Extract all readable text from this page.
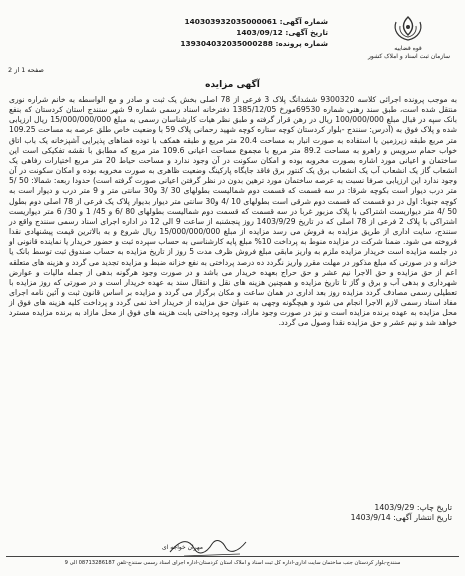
شماره آگهی: 140303932035000061
تاریخ آگهی: 1403/09/12
شماره پرونده: 139304032035000288
قوه قضاییه
سازمان ثبت اسناد و املاک کشور
صفحه 1 از 2
آگهی مزایده
به موجب پرونده اجرائی کلاسه 9300320 ششدانگ پلاک 3 فرعی از 78 اصلی بخش یک ثبت و صادر و مع الواسطه به خانم شراره نوری منتقل شده است، طبق سند رهنی شماره 69530مورخ 1385/12/05 دفترخانه اسناد رسمی شماره 9 شهر سنندج استان کردستان که بنفع بانک سپه در قبال مبلغ 100/000/000 ریال در رهن قرار گرفته و طبق نظر هیات کارشناسان رسمی به مبلغ 15/000/000/000 ریال ارزیابی شده و پلاک فوق به (آدرس: سنندج -بلوار کردستان کوچه ستاره کوچه شهید رحمانی پلاک 59 با وضعیت خاص طلق عرصه به مساحت 109.25 متر مربع طبقه زیرزمین با استفاده به صورت انبار به مساحت 20.4 متر مربع و طبقه همکف با توده فضاهای پذیرایی آشپزخانه یک باب اتاق خواب حمام سرویس و راهرو به مساحت 89.2 متر مربع با مجموع مساحت اعیانی 109.6 متر مربع که مطابق با نقشه تفکیکی است این ساختمان و اعیانی مورد اشاره بصورت مخروبه بوده و امکان سکونت در آن وجود ندارد و مساحت حیاط 20 متر مربع اختیارات رفاهی یک انشعاب گاز یک انشعاب آب یک انشعاب برق یک کنتور برق فاقد جایگاه پارکینگ وضعیت ظاهری به صورت مخروبه بوده و امکان سکونت در آن وجود ندارد این ارزیابی صرفا نسبت به عرصه ساختمان مورد ترهین بدون در نظر گرفتن اعیانی صورت گرفته است) حدودا ربعه: شمالا: 50 /5 متر درب دیوار است بکوچه شرقا: در سه قسمت که قسمت دوم شمالیست بطولهای 30 /3 و30 سانتی متر و 9 متر درب و دیوار است به کوچه جنوبا: اول در دو قسمت که قسمت دوم شرقی است بطولهای 10 /4 و30 سانتی متر دیوار بدیوار پلاک یک فرعی از 78 اصلی دوم بطول 50 /4 متر دیواریست اشتراکی با پلاک مزبور غربا در سه قسمت که قسمت دوم شمالیست بطولهای 80 /6 و 45/ 1 و 30/ 6 متر دیواریست اشتراکی با پلاک 2 فرعی از 78 اصلی که در تاریخ 1403/9/29 روز پنجشنبه از ساعت 9 الی 12 در اداره اجرای اسناد رسمی سنندج واقع در سنندج، سایت اداری از طریق مزایده به فروش می رسد مزایده از مبلغ 15/000/000/000 ریال شروع و به بالاترین قیمت پیشنهادی نقدا فروخته می شود. ضمنا شرکت در مزایده منوط به پرداخت 10% مبلغ پایه کارشناسی به حساب سپرده ثبت و حضور خریدار یا نماینده قانونی او در جلسه مزایده است خریدار مزایده ملزم به واریز مابقی مبلغ فروش ظرف مدت 5 روز از تاریخ مزایده به حساب صندوق ثبت توسط بانک یا خزانه و در صورتی که مبلغ مذکور در مهلت مقرر واریز نگردد ده درصد پرداختی به نفع خزانه ضبط و مزایده تجدید می گردد و هزینه های متعلقه اعم از حق مزایده و حق الاجرا نیم عشر و حق حراج بعهده خریدار می باشد و در صورت وجود هرگونه بدهی از جمله مالیات و عوارض شهرداری و بدهی آب و برق و گاز تا تاریخ مزایده و همچنین هزینه های نقل و انتقال سند به عهده خریدار است و در صورتی که روز مزایده با تعطیلی رسمی مصادف گردد مزایده روز بعد اداری در همان ساعت و مکان برگزار می گردد و مزایده بر اساس قانون ثبت و آئین نامه اجرای مفاد اسناد رسمی لازم الاجرا انجام می شود و هیچگونه وجهی به عنوان حق مزایده از خریدار اخذ نمی گردد و پرداخت کلیه هزینه های فوق از محل مزایده به عهده برنده مزایده است و نیز در صورت وجود مازاد، وجوه پرداختی بابت هزینه های فوق از محل مازاد به برنده مزایده مسترد خواهد شد و نیم عشر و حق مزایده نقدا وصول می گردد.
تاریخ چاپ: 1403/9/29
تاریخ انتشار آگهی: 1403/9/14
مهران خواجه ای
سنندج-بلوار کردستان جنب ساختمان سایت اداری-اداره کل ثبت اسناد و املاک استان کردستان-اداره اجرای اسناد رسمی سنندج-تلفن 08713286187 الی 9
